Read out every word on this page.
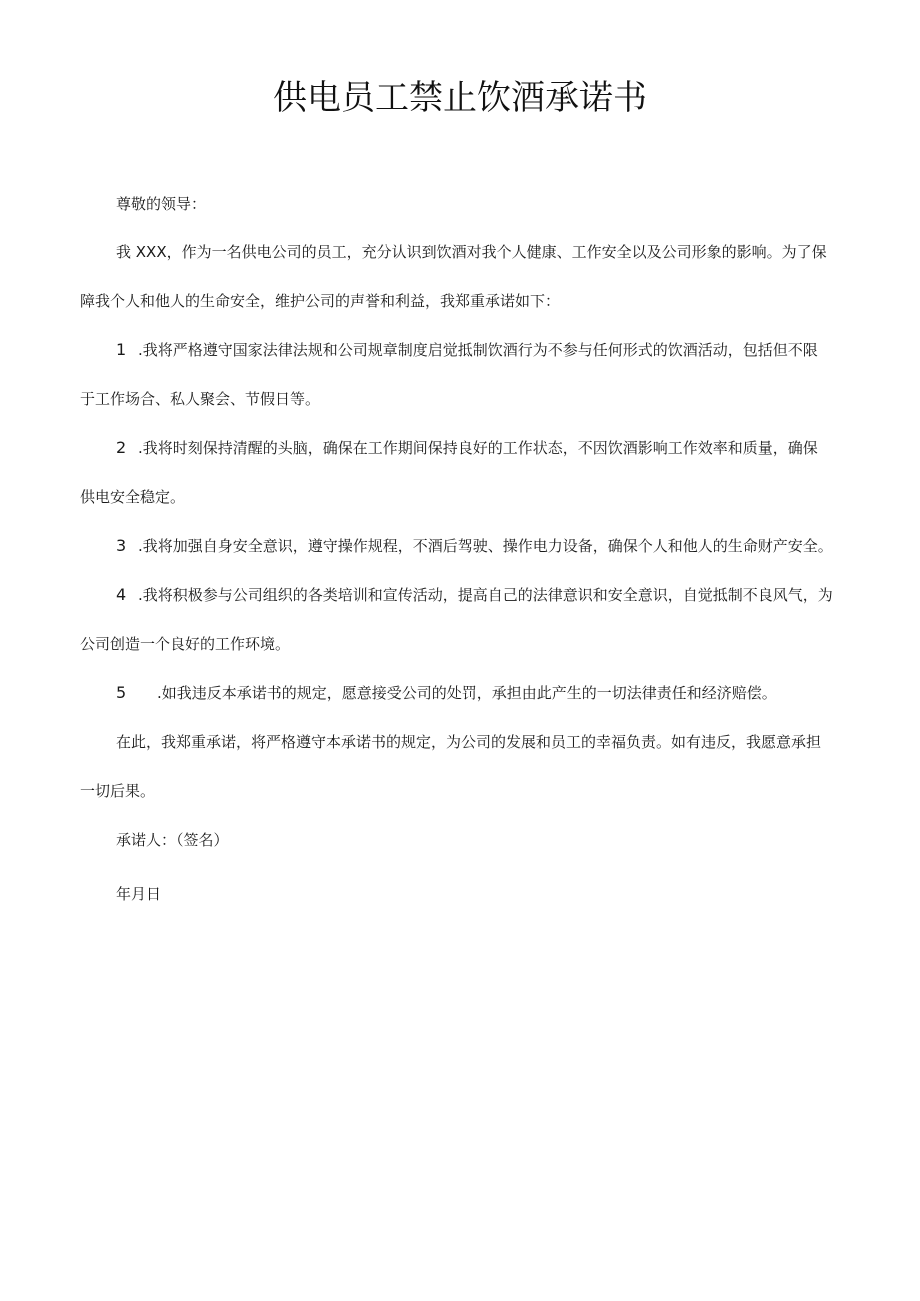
供电员工禁止饮酒承诺书
尊敬的领导：
我 XXX，作为一名供电公司的员工，充分认识到饮酒对我个人健康、工作安全以及公司形象的影响。为了保
障我个人和他人的生命安全，维护公司的声誉和利益，我郑重承诺如下：
1 .我将严格遵守国家法律法规和公司规章制度启觉抵制饮酒行为不参与任何形式的饮酒活动，包括但不限
于工作场合、私人聚会、节假日等。
2 .我将时刻保持清醒的头脑，确保在工作期间保持良好的工作状态，不因饮酒影响工作效率和质量，确保
供电安全稳定。
3 .我将加强自身安全意识，遵守操作规程，不酒后驾驶、操作电力设备，确保个人和他人的生命财产安全。
4 .我将积极参与公司组织的各类培训和宣传活动，提高自己的法律意识和安全意识，自觉抵制不良风气，为
公司创造一个良好的工作环境。
5 .如我违反本承诺书的规定，愿意接受公司的处罚，承担由此产生的一切法律责任和经济赔偿。
在此，我郑重承诺，将严格遵守本承诺书的规定，为公司的发展和员工的幸福负责。如有违反，我愿意承担
一切后果。
承诺人：（签名）
年月日
